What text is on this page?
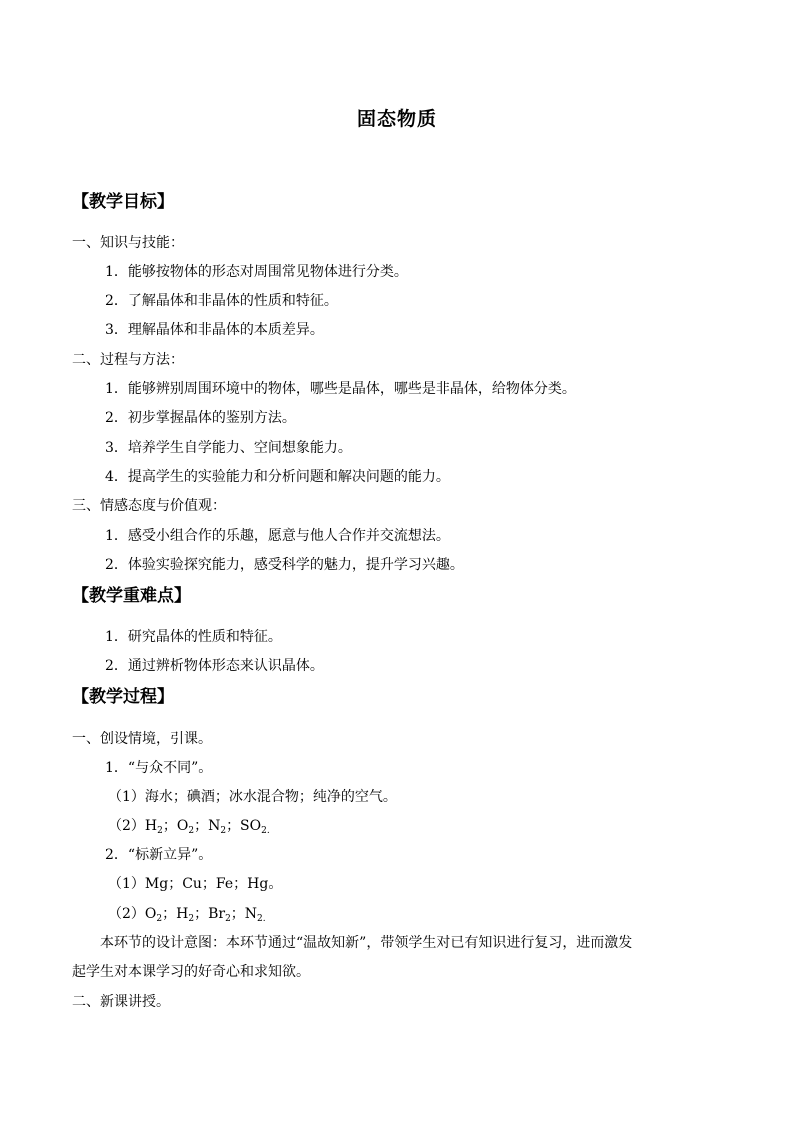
固态物质
【教学目标】
一、知识与技能：
1．能够按物体的形态对周围常见物体进行分类。
2．了解晶体和非晶体的性质和特征。
3．理解晶体和非晶体的本质差异。
二、过程与方法：
1．能够辨别周围环境中的物体，哪些是晶体，哪些是非晶体，给物体分类。
2．初步掌握晶体的鉴别方法。
3．培养学生自学能力、空间想象能力。
4．提高学生的实验能力和分析问题和解决问题的能力。
三、情感态度与价值观：
1．感受小组合作的乐趣，愿意与他人合作并交流想法。
2．体验实验探究能力，感受科学的魅力，提升学习兴趣。
【教学重难点】
1．研究晶体的性质和特征。
2．通过辨析物体形态来认识晶体。
【教学过程】
一、创设情境，引课。
1．“与众不同”。
（1）海水；碘酒；冰水混合物；纯净的空气。
$(2)H_2$；$O_2$；$N_2$；$SO_{2.}$
2．“标新立异”。
（1）Mg；Cu；Fe；Hg。
$(2)O_2$；$H_2$；$Br_2$；$N_{2.}$
本环节的设计意图：本环节通过“温故知新”，带领学生对已有知识进行复习，进而激发
起学生对本课学习的好奇心和求知欲。
二、新课讲授。
